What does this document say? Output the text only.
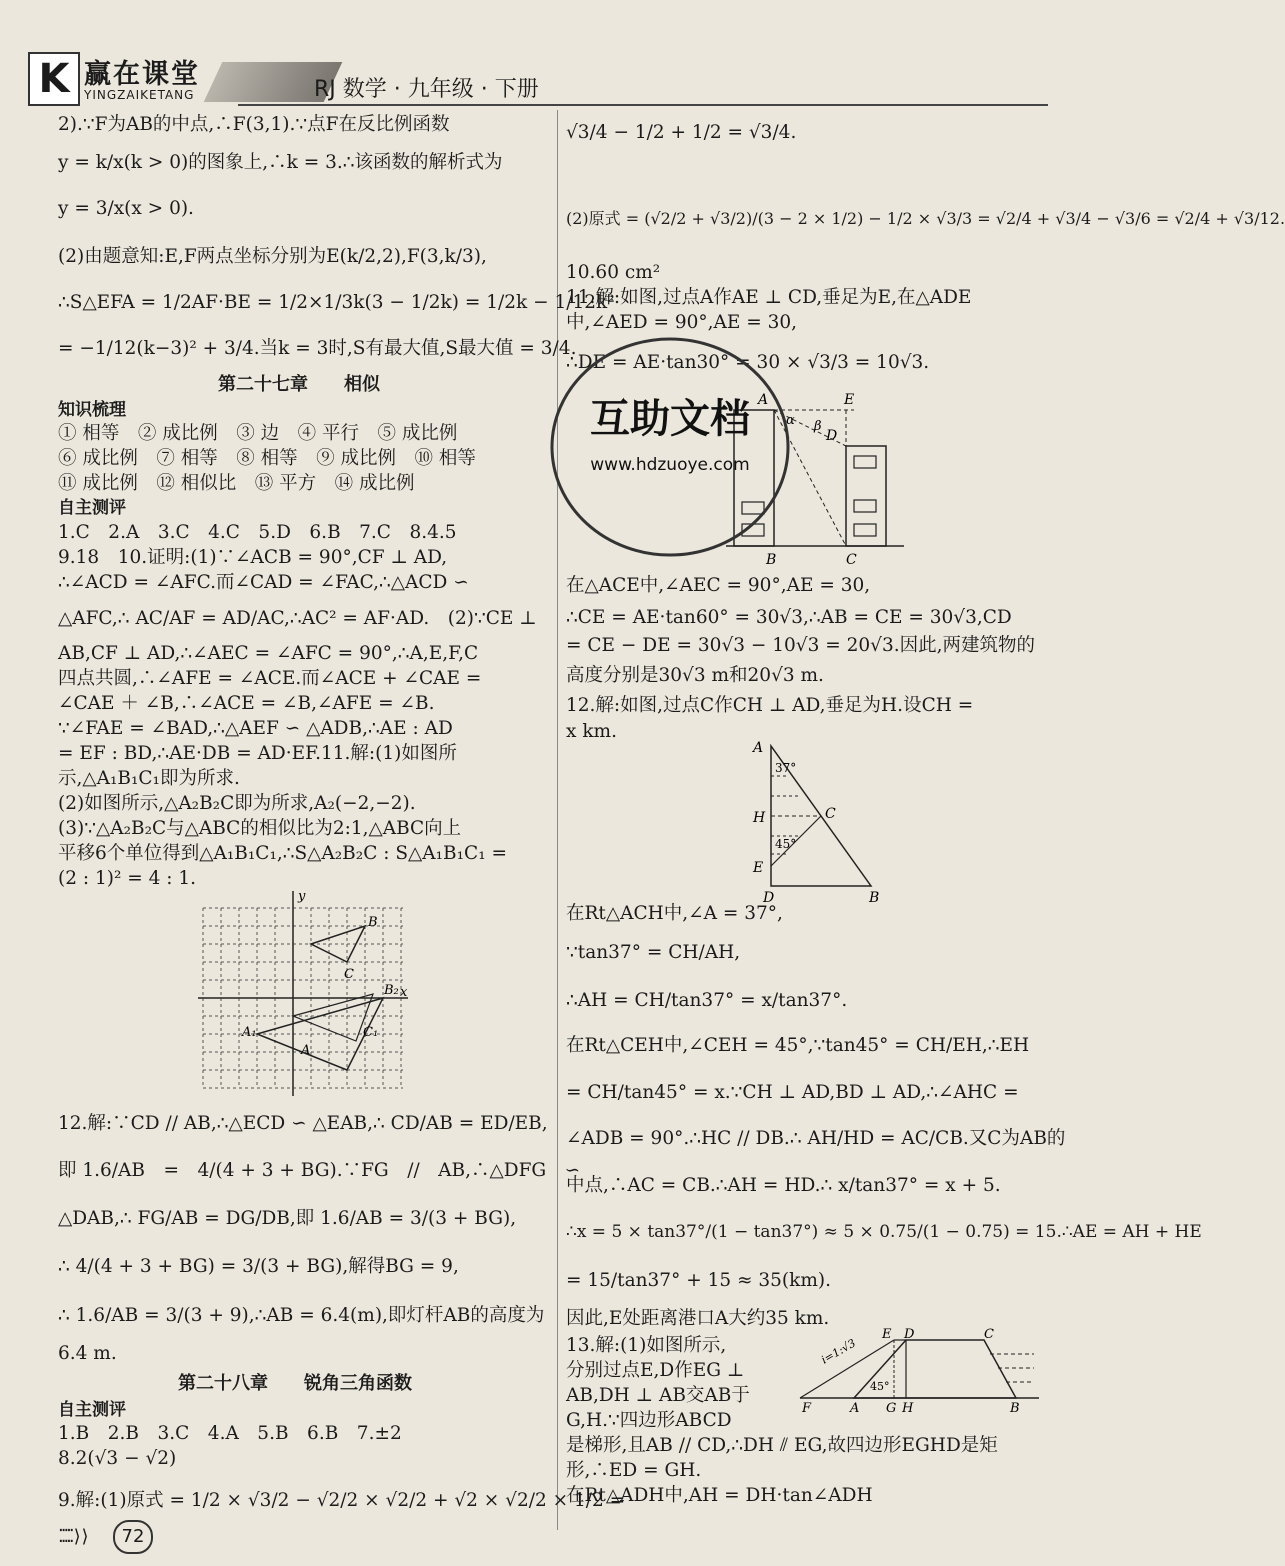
K 赢在课堂
YINGZAIKETANG	RJ 数学 · 九年级 · 下册
2).∵F为AB的中点,∴F(3,1).∵点F在反比例函数
y = k/x(k > 0)的图象上,∴k = 3.∴该函数的解析式为
y = 3/x(x > 0).
(2)由题意知:E,F两点坐标分别为E(k/2,2),F(3,k/3),
∴S△EFA = 1/2AF·BE = 1/2×1/3k(3 − 1/2k) = 1/2k − 1/12k²
= −1/12(k−3)² + 3/4.当k = 3时,S有最大值,S最大值 = 3/4.
第二十七章　　相似
知识梳理
① 相等　② 成比例　③ 边　④ 平行　⑤ 成比例
⑥ 成比例　⑦ 相等　⑧ 相等　⑨ 成比例　⑩ 相等
⑪ 成比例　⑫ 相似比　⑬ 平方　⑭ 成比例
自主测评
1.C　2.A　3.C　4.C　5.D　6.B　7.C　8.4.5
9.18　10.证明:(1)∵∠ACB = 90°,CF ⊥ AD,
∴∠ACD = ∠AFC.而∠CAD = ∠FAC,∴△ACD ∽
△AFC,∴ AC/AF = AD/AC,∴AC² = AF·AD.　(2)∵CE ⊥
AB,CF ⊥ AD,∴∠AEC = ∠AFC = 90°,∴A,E,F,C
四点共圆,∴∠AFE = ∠ACE.而∠ACE + ∠CAE =
∠CAE ＋ ∠B,∴∠ACE = ∠B,∠AFE = ∠B.
∵∠FAE = ∠BAD,∴△AEF ∽ △ADB,∴AE : AD
= EF : BD,∴AE·DB = AD·EF.11.解:(1)如图所
示,△A₁B₁C₁即为所求.
(2)如图所示,△A₂B₂C即为所求,A₂(−2,−2).
(3)∵△A₂B₂C与△ABC的相似比为2:1,△ABC向上
平移6个单位得到△A₁B₁C₁,∴S△A₂B₂C : S△A₁B₁C₁ =
(2 : 1)² = 4 : 1.
B
C
B₂
A₁
A
C₁
y
x
12.解:∵CD // AB,∴△ECD ∽ △EAB,∴ CD/AB = ED/EB,
即 1.6/AB　=　4/(4 + 3 + BG).∵FG　//　AB,∴△DFG　∽
△DAB,∴ FG/AB = DG/DB,即 1.6/AB = 3/(3 + BG),
∴ 4/(4 + 3 + BG) = 3/(3 + BG),解得BG = 9,
∴ 1.6/AB = 3/(3 + 9),∴AB = 6.4(m),即灯杆AB的高度为
6.4 m.
第二十八章　　锐角三角函数
自主测评
1.B　2.B　3.C　4.A　5.B　6.B　7.±2
8.2(√3 − √2)
9.解:(1)原式 = 1/2 × √3/2 − √2/2 × √2/2 + √2 × √2/2 × 1/2 =
√3/4 − 1/2 + 1/2 = √3/4.
(2)原式 = (√2/2 + √3/2)/(3 − 2 × 1/2) − 1/2 × √3/3 = √2/4 + √3/4 − √3/6 = √2/4 + √3/12.
10.60 cm²
11.解:如图,过点A作AE ⊥ CD,垂足为E,在△ADE
中,∠AED = 90°,AE = 30,
∴DE = AE·tan30° = 30 × √3/3 = 10√3.
A	E
D
B	C
α β
在△ACE中,∠AEC = 90°,AE = 30,
∴CE = AE·tan60° = 30√3,∴AB = CE = 30√3,CD
= CE − DE = 30√3 − 10√3 = 20√3.因此,两建筑物的
高度分别是30√3 m和20√3 m.
12.解:如图,过点C作CH ⊥ AD,垂足为H.设CH =
x km.
A
H	C
E
D	B
37°
45°
在Rt△ACH中,∠A = 37°,
∵tan37° = CH/AH,
∴AH = CH/tan37° = x/tan37°.
在Rt△CEH中,∠CEH = 45°,∵tan45° = CH/EH,∴EH
= CH/tan45° = x.∵CH ⊥ AD,BD ⊥ AD,∴∠AHC =
∠ADB = 90°.∴HC // DB.∴ AH/HD = AC/CB.又C为AB的
中点,∴AC = CB.∴AH = HD.∴ x/tan37° = x + 5.
∴x = 5 × tan37°/(1 − tan37°) ≈ 5 × 0.75/(1 − 0.75) = 15.∴AE = AH + HE
= 15/tan37° + 15 ≈ 35(km).
因此,E处距离港口A大约35 km.
13.解:(1)如图所示,
分别过点E,D作EG ⊥
AB,DH ⊥ AB交AB于
G,H.∵四边形ABCD
E D	C
F	A G H	B
i=1:√3
45°
是梯形,且AB // CD,∴DH ⫽ EG,故四边形EGHD是矩
形,∴ED = GH.
在Rt△ADH中,AH = DH·tan∠ADH
互助文档
www.hdzuoye.com
⁚⁚⁚⁚⁚⟩⟩	72
